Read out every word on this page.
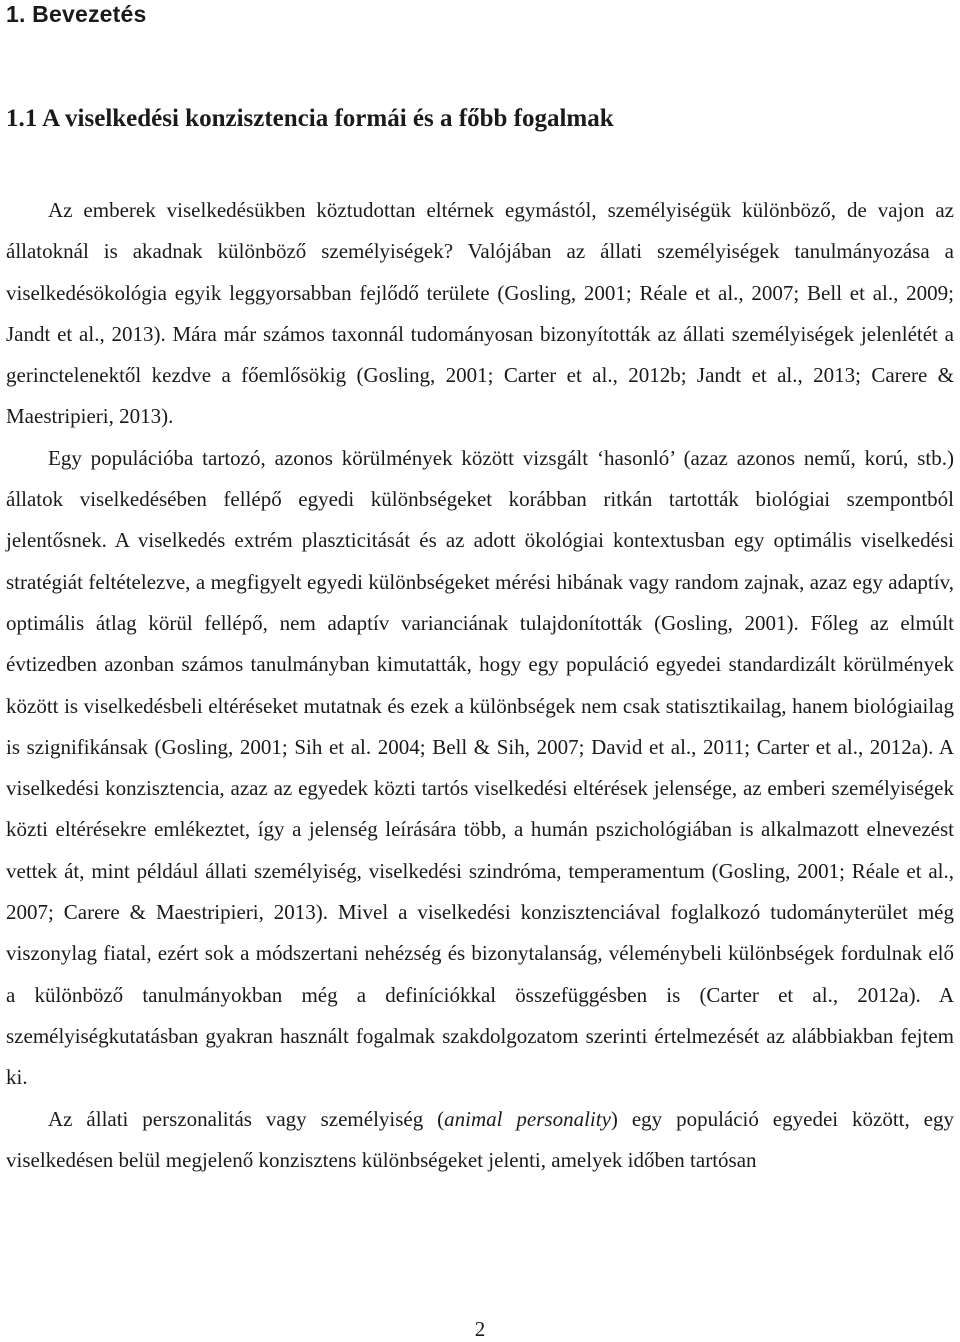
1. Bevezetés
1.1 A viselkedési konzisztencia formái és a főbb fogalmak

Az emberek viselkedésükben köztudottan eltérnek egymástól, személyiségük különböző, de vajon az állatoknál is akadnak különböző személyiségek? Valójában az állati személyiségek tanulmányozása a viselkedésökológia egyik leggyorsabban fejlődő területe (Gosling, 2001; Réale et al., 2007; Bell et al., 2009; Jandt et al., 2013). Mára már számos taxonnál tudományosan bizonyították az állati személyiségek jelenlétét a gerinctelenektől kezdve a főemlősökig (Gosling, 2001; Carter et al., 2012b; Jandt et al., 2013; Carere & Maestripieri, 2013).

Egy populációba tartozó, azonos körülmények között vizsgált ‘hasonló’ (azaz azonos nemű, korú, stb.) állatok viselkedésében fellépő egyedi különbségeket korábban ritkán tartották biológiai szempontból jelentősnek. A viselkedés extrém plaszticitását és az adott ökológiai kontextusban egy optimális viselkedési stratégiát feltételezve, a megfigyelt egyedi különbségeket mérési hibának vagy random zajnak, azaz egy adaptív, optimális átlag körül fellépő, nem adaptív varianciának tulajdonították (Gosling, 2001). Főleg az elmúlt évtizedben azonban számos tanulmányban kimutatták, hogy egy populáció egyedei standardizált körülmények között is viselkedésbeli eltéréseket mutatnak és ezek a különbségek nem csak statisztikailag, hanem biológiailag is szignifikánsak (Gosling, 2001; Sih et al. 2004; Bell & Sih, 2007; David et al., 2011; Carter et al., 2012a). A viselkedési konzisztencia, azaz az egyedek közti tartós viselkedési eltérések jelensége, az emberi személyiségek közti eltérésekre emlékeztet, így a jelenség leírására több, a humán pszichológiában is alkalmazott elnevezést vettek át, mint például állati személyiség, viselkedési szindróma, temperamentum (Gosling, 2001; Réale et al., 2007; Carere & Maestripieri, 2013). Mivel a viselkedési konzisztenciával foglalkozó tudományterület még viszonylag fiatal, ezért sok a módszertani nehézség és bizonytalanság, véleménybeli különbségek fordulnak elő a különböző tanulmányokban még a definíciókkal összefüggésben is (Carter et al., 2012a). A személyiségkutatásban gyakran használt fogalmak szakdolgozatom szerinti értelmezését az alábbiakban fejtem ki.

Az állati perszonalitás vagy személyiség (animal personality) egy populáció egyedei között, egy viselkedésen belül megjelenő konzisztens különbségeket jelenti, amelyek időben tartósan

2
